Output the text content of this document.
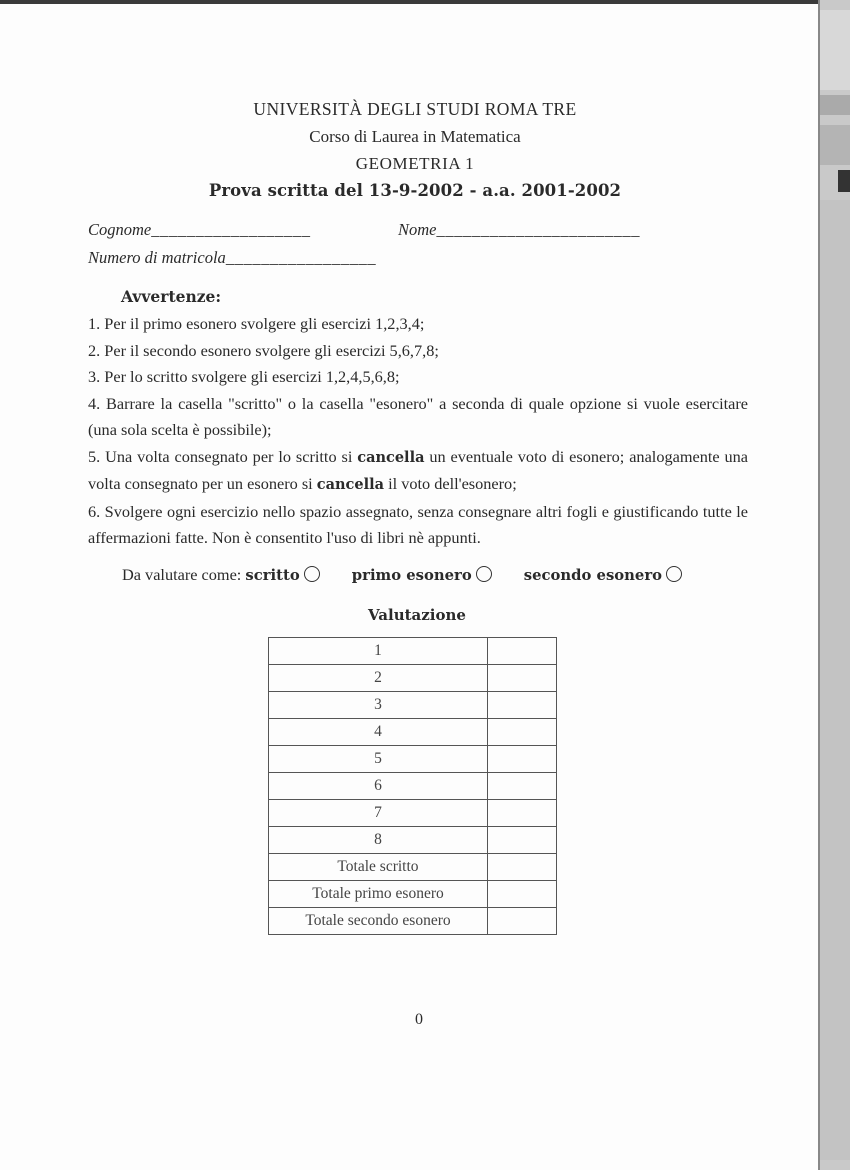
UNIVERSITÀ DEGLI STUDI ROMA TRE
Corso di Laurea in Matematica
GEOMETRIA 1
Prova scritta del 13-9-2002 - a.a. 2001-2002
Cognome__________________	Nome_______________________
Numero di matricola_________________
Avvertenze:

1. Per il primo esonero svolgere gli esercizi 1,2,3,4;

2. Per il secondo esonero svolgere gli esercizi 5,6,7,8;

3. Per lo scritto svolgere gli esercizi 1,2,4,5,6,8;

4. Barrare la casella "scritto" o la casella "esonero" a seconda di quale opzione si vuole esercitare (una sola scelta è possibile);

5. Una volta consegnato per lo scritto si cancella un eventuale voto di esonero; analogamente una volta consegnato per un esonero si cancella il voto dell'esonero;

6. Svolgere ogni esercizio nello spazio assegnato, senza consegnare altri fogli e giustificando tutte le affermazioni fatte. Non è consentito l'uso di libri nè appunti.

Da valutare come: scritto	primo esonero	secondo esonero
Valutazione
1	
2	
3	
4	
5	
6	
7	
8	
Totale scritto	
Totale primo esonero	
Totale secondo esonero	
0
